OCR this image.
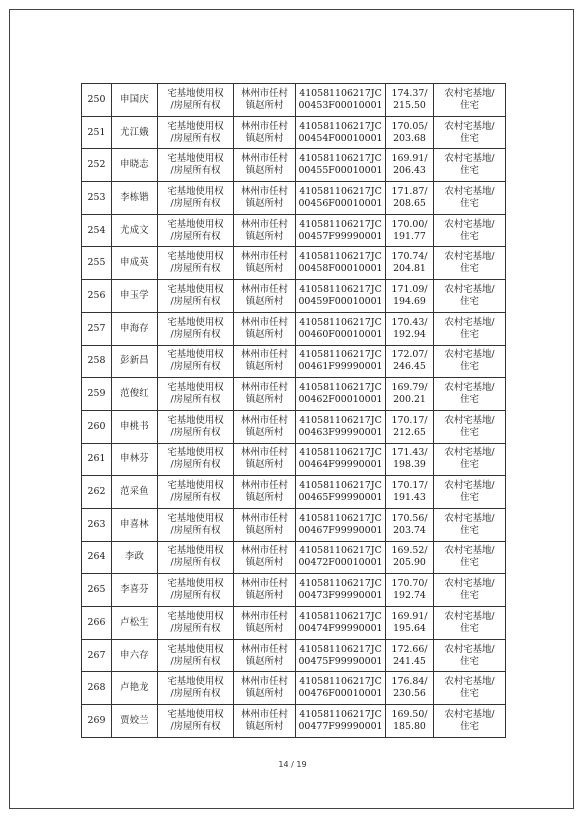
250	申国庆	宅基地使用权
/房屋所有权	林州市任村
镇赵所村	410581106217JC
00453F00010001	174.37/
215.50	农村宅基地/
住宅

251	尤江娥	宅基地使用权
/房屋所有权	林州市任村
镇赵所村	410581106217JC
00454F00010001	170.05/
203.68	农村宅基地/
住宅

252	申晓志	宅基地使用权
/房屋所有权	林州市任村
镇赵所村	410581106217JC
00455F00010001	169.91/
206.43	农村宅基地/
住宅

253	李栋锴	宅基地使用权
/房屋所有权	林州市任村
镇赵所村	410581106217JC
00456F00010001	171.87/
208.65	农村宅基地/
住宅

254	尤成文	宅基地使用权
/房屋所有权	林州市任村
镇赵所村	410581106217JC
00457F99990001	170.00/
191.77	农村宅基地/
住宅

255	申成英	宅基地使用权
/房屋所有权	林州市任村
镇赵所村	410581106217JC
00458F00010001	170.74/
204.81	农村宅基地/
住宅

256	申玉学	宅基地使用权
/房屋所有权	林州市任村
镇赵所村	410581106217JC
00459F00010001	171.09/
194.69	农村宅基地/
住宅

257	申海存	宅基地使用权
/房屋所有权	林州市任村
镇赵所村	410581106217JC
00460F00010001	170.43/
192.94	农村宅基地/
住宅

258	彭新昌	宅基地使用权
/房屋所有权	林州市任村
镇赵所村	410581106217JC
00461F99990001	172.07/
246.45	农村宅基地/
住宅

259	范俊红	宅基地使用权
/房屋所有权	林州市任村
镇赵所村	410581106217JC
00462F00010001	169.79/
200.21	农村宅基地/
住宅

260	申桃书	宅基地使用权
/房屋所有权	林州市任村
镇赵所村	410581106217JC
00463F99990001	170.17/
212.65	农村宅基地/
住宅

261	申林芬	宅基地使用权
/房屋所有权	林州市任村
镇赵所村	410581106217JC
00464F99990001	171.43/
198.39	农村宅基地/
住宅

262	范采鱼	宅基地使用权
/房屋所有权	林州市任村
镇赵所村	410581106217JC
00465F99990001	170.17/
191.43	农村宅基地/
住宅

263	申喜林	宅基地使用权
/房屋所有权	林州市任村
镇赵所村	410581106217JC
00467F99990001	170.56/
203.74	农村宅基地/
住宅

264	李政	宅基地使用权
/房屋所有权	林州市任村
镇赵所村	410581106217JC
00472F00010001	169.52/
205.90	农村宅基地/
住宅

265	李喜芬	宅基地使用权
/房屋所有权	林州市任村
镇赵所村	410581106217JC
00473F99990001	170.70/
192.74	农村宅基地/
住宅

266	卢松生	宅基地使用权
/房屋所有权	林州市任村
镇赵所村	410581106217JC
00474F99990001	169.91/
195.64	农村宅基地/
住宅

267	申六存	宅基地使用权
/房屋所有权	林州市任村
镇赵所村	410581106217JC
00475F99990001	172.66/
241.45	农村宅基地/
住宅

268	卢艳龙	宅基地使用权
/房屋所有权	林州市任村
镇赵所村	410581106217JC
00476F00010001	176.84/
230.56	农村宅基地/
住宅

269	贾姣兰	宅基地使用权
/房屋所有权	林州市任村
镇赵所村	410581106217JC
00477F99990001	169.50/
185.80	农村宅基地/
住宅
14 / 19
